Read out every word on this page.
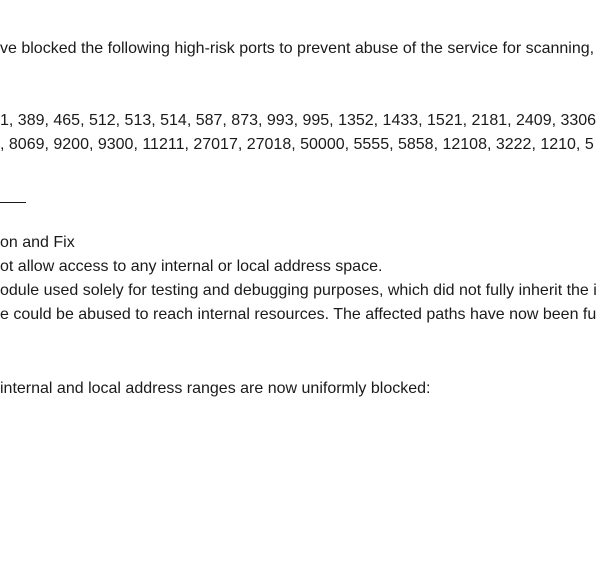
ve blocked the following high-risk ports to prevent abuse of the service for scanning,

1, 389, 465, 512, 513, 514, 587, 873, 993, 995, 1352, 1433, 1521, 2181, 2409, 3306

, 8069, 9200, 9300, 11211, 27017, 27018, 50000, 5555, 5858, 12108, 3222, 1210, 5

on and Fix

ot allow access to any internal or local address space.

odule used solely for testing and debugging purposes, which did not fully inherit the i

e could be abused to reach internal resources. The affected paths have now been fu

internal and local address ranges are now uniformly blocked:
